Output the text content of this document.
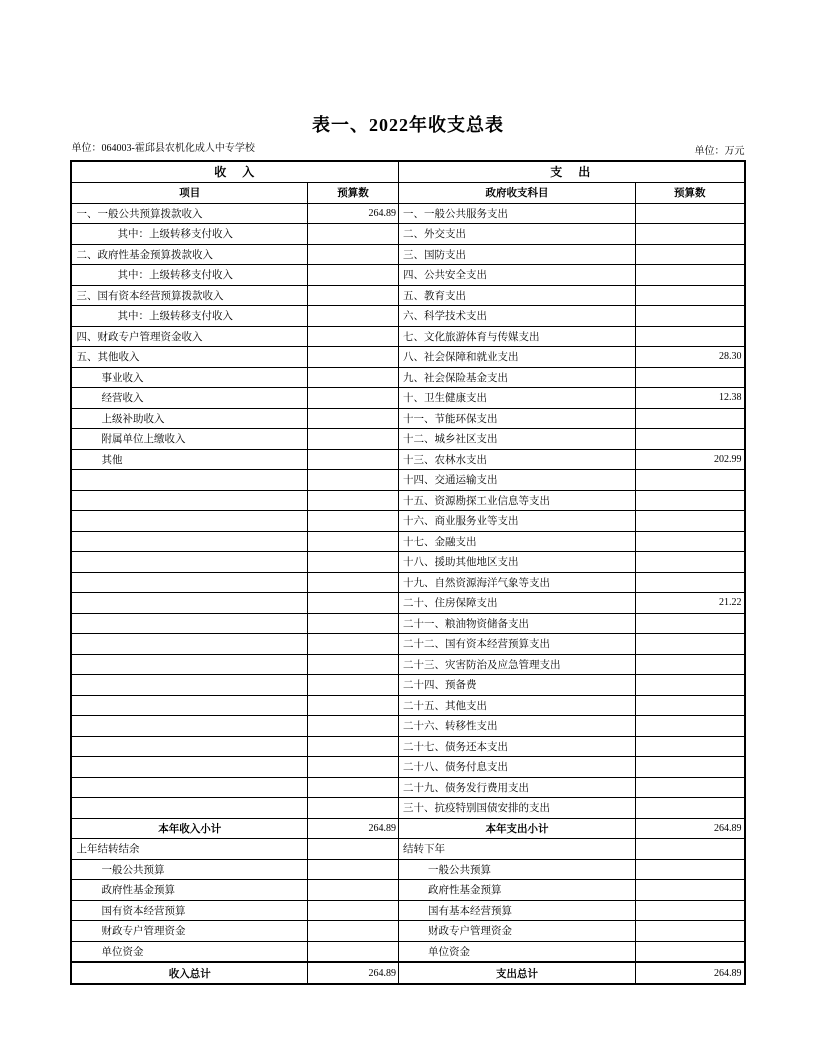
表一、2022年收支总表
单位：064003-霍邱县农机化成人中专学校	单位：万元
收　入		支　出	
项目	预算数	政府收支科目	预算数
一、一般公共预算拨款收入	264.89	一、一般公共服务支出	
其中：上级转移支付收入		二、外交支出	
二、政府性基金预算拨款收入		三、国防支出	
其中：上级转移支付收入		四、公共安全支出	
三、国有资本经营预算拨款收入		五、教育支出	
其中：上级转移支付收入		六、科学技术支出	
四、财政专户管理资金收入		七、文化旅游体育与传媒支出	
五、其他收入		八、社会保障和就业支出	28.30
事业收入		九、社会保险基金支出	
经营收入		十、卫生健康支出	12.38
上级补助收入		十一、节能环保支出	
附属单位上缴收入		十二、城乡社区支出	
其他		十三、农林水支出	202.99
		十四、交通运输支出	
		十五、资源勘探工业信息等支出	
		十六、商业服务业等支出	
		十七、金融支出	
		十八、援助其他地区支出	
		十九、自然资源海洋气象等支出	
		二十、住房保障支出	21.22
		二十一、粮油物资储备支出	
		二十二、国有资本经营预算支出	
		二十三、灾害防治及应急管理支出	
		二十四、预备费	
		二十五、其他支出	
		二十六、转移性支出	
		二十七、债务还本支出	
		二十八、债务付息支出	
		二十九、债务发行费用支出	
		三十、抗疫特别国债安排的支出	
本年收入小计	264.89	本年支出小计	264.89
上年结转结余		结转下年	
一般公共预算		一般公共预算	
政府性基金预算		政府性基金预算	
国有资本经营预算		国有基本经营预算	
财政专户管理资金		财政专户管理资金	
单位资金		单位资金	

收入总计	264.89	支出总计	264.89
